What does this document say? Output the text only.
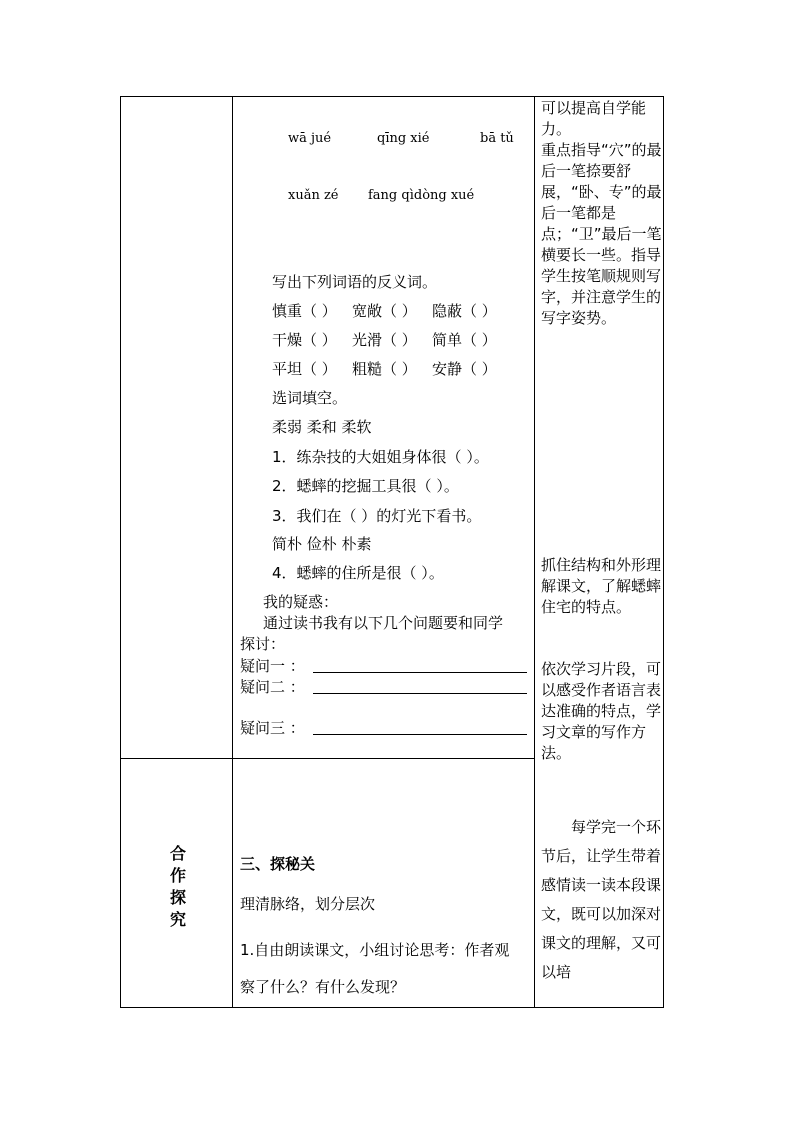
wā jué	qīng xié	bā tǔ
xuǎn zé fang qìdòng xué
写出下列词语的反义词。
慎重（ ） 宽敞（ ） 隐蔽（ ）
干燥（ ） 光滑（ ） 简单（ ）
平坦（ ） 粗糙（ ） 安静（ ）
选词填空。
柔弱 柔和 柔软
1．练杂技的大姐姐身体很（ ）。
2．蟋蟀的挖掘工具很（ ）。
3．我们在（ ）的灯光下看书。
简朴 俭朴 朴素
4．蟋蟀的住所是很（ ）。
我的疑惑：
通过读书我有以下几个问题要和同学
探讨：
疑问一 ：
疑问二 ：
疑问三 ：
可以提高自学能力。
重点指导“穴”的最后一笔捺要舒展，“卧、专”的最后一笔都是点；“卫”最后一笔横要长一些。指导学生按笔顺规则写字，并注意学生的写字姿势。
抓住结构和外形理解课文，了解蟋蟀住宅的特点。
依次学习片段，可以感受作者语言表达准确的特点，学习文章的写作方法。
每学完一个环节后，让学生带着感情读一读本段课文，既可以加深对课文的理解，又可以培
合
作
探
究
三、探秘关
理清脉络，划分层次
1.自由朗读课文，小组讨论思考：作者观
察了什么？有什么发现？
